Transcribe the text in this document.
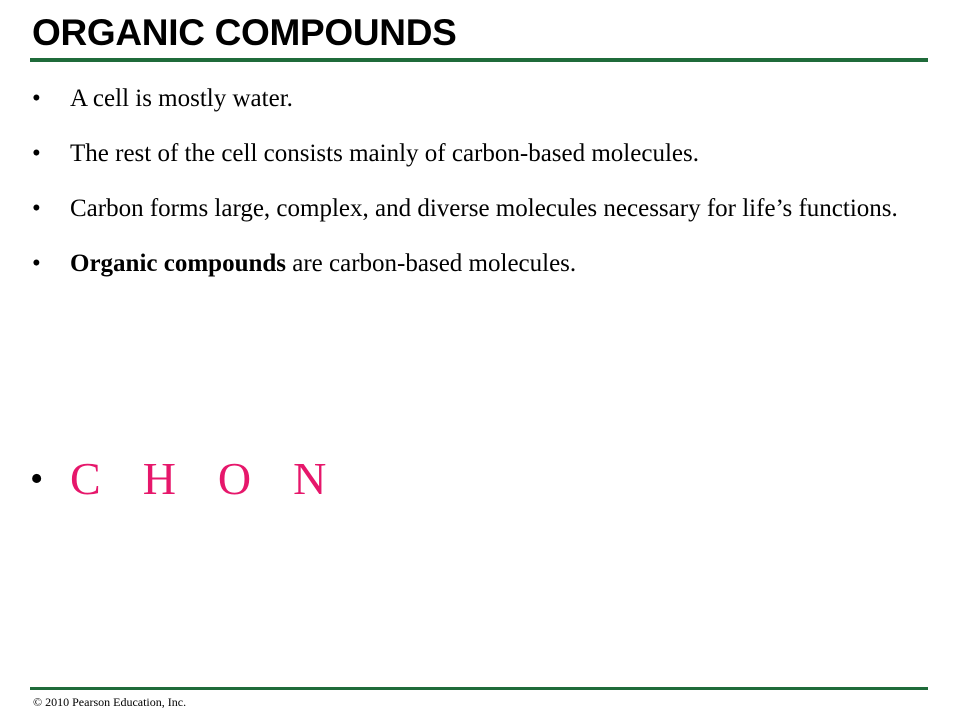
ORGANIC COMPOUNDS
•	A cell is mostly water.
•	The rest of the cell consists mainly of carbon-based molecules.
•	Carbon forms large, complex, and diverse molecules necessary for life’s functions.
•	Organic compounds are carbon-based molecules.
• C H O N
© 2010 Pearson Education, Inc.
